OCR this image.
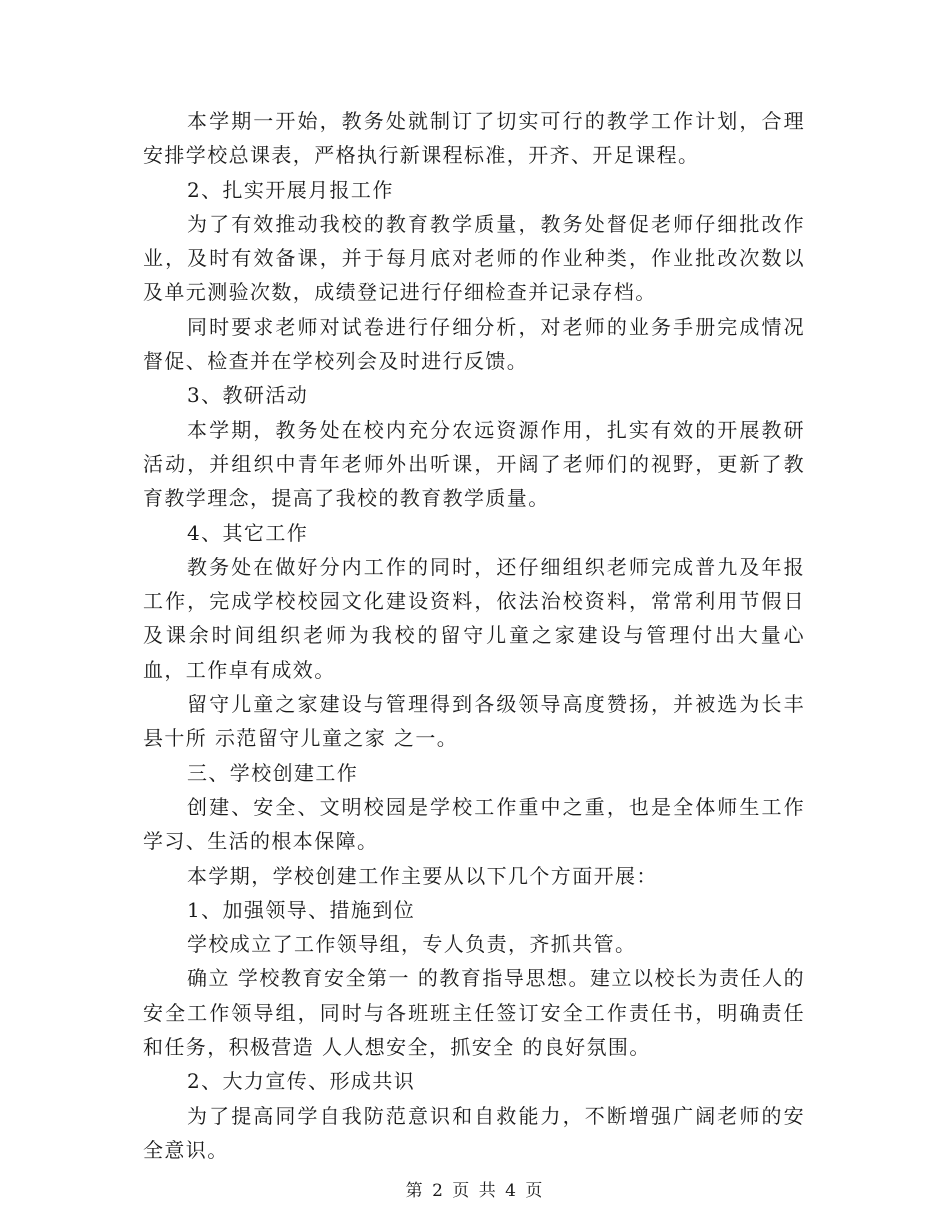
本学期一开始，教务处就制订了切实可行的教学工作计划，合理安排学校总课表，严格执行新课程标准，开齐、开足课程。

2、扎实开展月报工作

为了有效推动我校的教育教学质量，教务处督促老师仔细批改作业，及时有效备课，并于每月底对老师的作业种类，作业批改次数以及单元测验次数，成绩登记进行仔细检查并记录存档。

同时要求老师对试卷进行仔细分析，对老师的业务手册完成情况督促、检查并在学校列会及时进行反馈。

3、教研活动

本学期，教务处在校内充分农远资源作用，扎实有效的开展教研活动，并组织中青年老师外出听课，开阔了老师们的视野，更新了教育教学理念，提高了我校的教育教学质量。

4、其它工作

教务处在做好分内工作的同时，还仔细组织老师完成普九及年报工作，完成学校校园文化建设资料，依法治校资料，常常利用节假日及课余时间组织老师为我校的留守儿童之家建设与管理付出大量心血，工作卓有成效。

留守儿童之家建设与管理得到各级领导高度赞扬，并被选为长丰县十所 示范留守儿童之家 之一。

三、学校创建工作

创建、安全、文明校园是学校工作重中之重，也是全体师生工作学习、生活的根本保障。

本学期，学校创建工作主要从以下几个方面开展：

1、加强领导、措施到位

学校成立了工作领导组，专人负责，齐抓共管。

确立 学校教育安全第一 的教育指导思想。建立以校长为责任人的安全工作领导组，同时与各班班主任签订安全工作责任书，明确责任和任务，积极营造 人人想安全，抓安全 的良好氛围。

2、大力宣传、形成共识

为了提高同学自我防范意识和自救能力，不断增强广阔老师的安全意识。

第 2 页 共 4 页
